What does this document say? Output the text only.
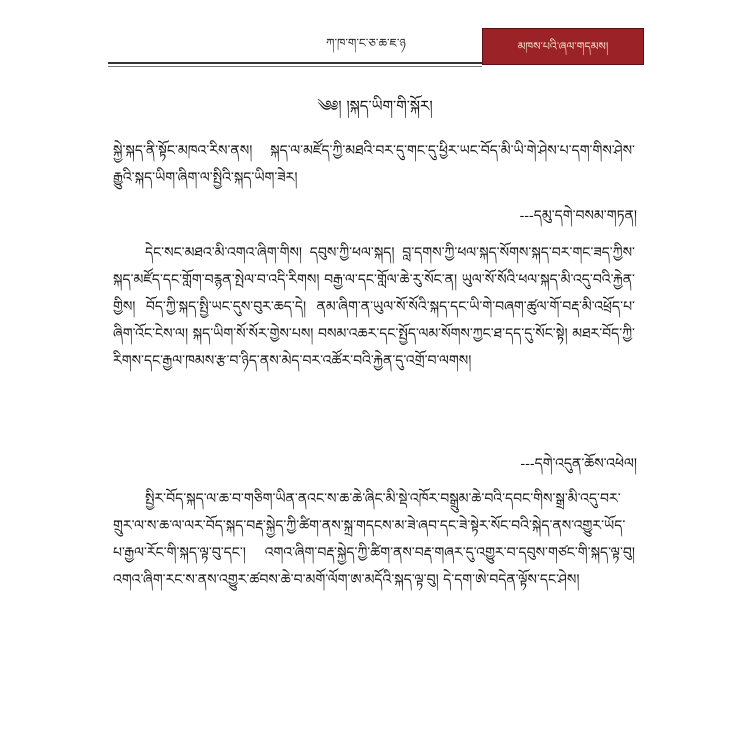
ཀ་ཁ་ག་ང་ཅ་ཆ་ཇ་ཉ	མཁས་པའི་ཞལ་གདམས།
༄༅། །སྐད་ཡིག་གི་སྐོར།
སྐྱེ་སྐད་ནི་སྟོང་མཁའ་རིས་ནས། སྐད་ལ་མཛོད་ཀྱི་མཐའི་བར་དུ་གང་དུ་ཕྱིར་ཡང་བོད་མི་ཡི་གེ་ཤེས་པ་དག་གིས་ཤེས་རྒྱུའི་སྐད་ཡིག་ཞིག་ལ་སྤྱིའི་སྐད་ཡིག་ཟེར།
---དམུ་དགེ་བསམ་གཏན།
དེང་སང་མཐའ་མི་འགའ་ཞིག་གིས། དབུས་ཀྱི་ཕལ་སྐད། བླ་དགས་ཀྱི་ཕལ་སྐད་སོགས་སྐད་བར་གང་ཟད་ཀྱིས་སྐད་མཛོད་དང་གློག་བརྙན་སྤེལ་བ་འདི་རིགས། བརྒྱ་ལ་དང་གློལ་ཆེ་རུ་སོང་ན། ཡུལ་སོ་སོའི་ཕལ་སྐད་མི་འདུ་བའི་རྐྱེན་གྱིས། བོད་ཀྱི་སྐད་སྤྱི་ཡང་དུས་བུར་ཆད་དེ། ནམ་ཞིག་ན་ཡུལ་སོ་སོའི་སྐད་དང་ཡི་གེ་བཞག་ཚུལ་གོ་བརྡ་མི་འཕྲོད་པ་ཞིག་འོང་ངེས་ལ། སྐད་ཡིག་སོ་སོར་གྱེས་པས། བསམ་འཆར་དང་སྤྱོད་ལམ་སོགས་ཀྱང་ཐ་དད་དུ་སོང་སྟེ། མཐར་བོད་ཀྱི་རིགས་དང་རྒྱལ་ཁམས་རྩ་བ་ཉིད་ནས་མེད་བར་འཚོར་བའི་རྐྱེན་དུ་འགྲོ་བ་ལགས།
---དགེ་འདུན་ཆོས་འཕེལ།
སྤྱིར་བོད་སྐད་ལ་ཆ་བ་གཅིག་ཡིན་ནའང་ས་ཆ་ཆེ་ཞིང་མི་སྡེ་འཁོར་བསྒྲུམ་ཆེ་བའི་དབང་གིས་སྒྲ་མི་འདུ་བར་གྲུར་ལ་ས་ཆ་ལ་ལར་བོད་སྐད་བརྡ་སྐྱེད་ཀྱི་ཚིག་ནས་སྐྲ་གདངས་མ་ཟེ་ཞབ་དང་ཟེ་སྟེར་སོང་བའི་སྐེད་ནས་འགྱུར་ཡོད་པ་རྒྱལ་རོང་གི་སྐད་ལྟ་བུ་དང་། འགའ་ཞིག་བརྡ་སྐྱེད་ཀྱི་ཚིག་ནས་བརྡ་གཞར་དུ་འགྱུར་བ་དབུས་གཙང་གི་སྐད་ལྟ་བུ། འགའ་ཞིག་རང་ས་ནས་འགྱུར་ཚབས་ཆེ་བ་མགོ་ལོག་ཨ་མདོའི་སྐད་ལྟ་བུ། དེ་དག་ཨེ་བདེན་ལྟོས་དང་ཤེས།
